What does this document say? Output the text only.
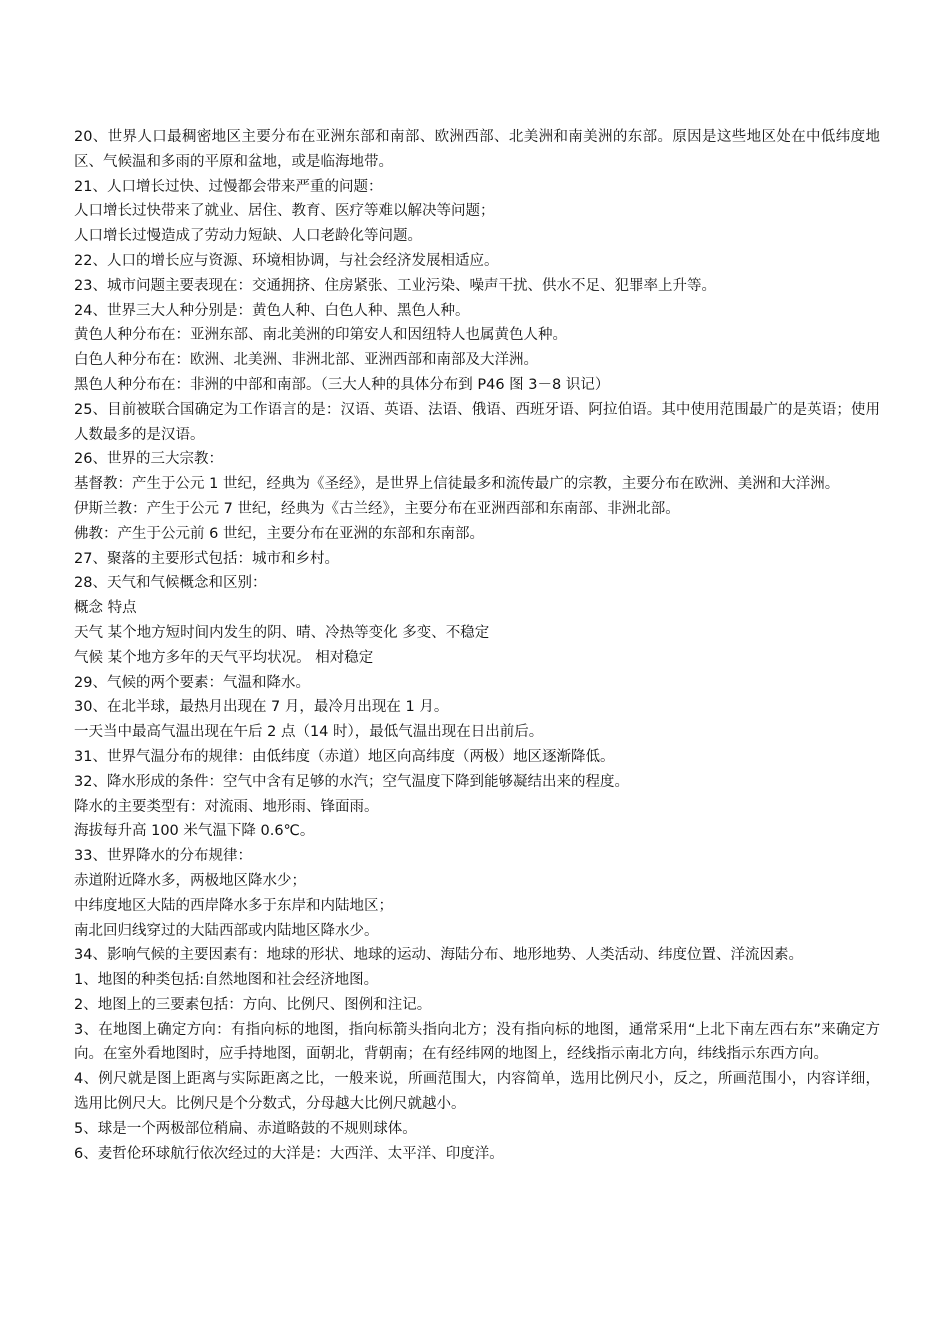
20、世界人口最稠密地区主要分布在亚洲东部和南部、欧洲西部、北美洲和南美洲的东部。原因是这些地区处在中低纬度地区、气候温和多雨的平原和盆地，或是临海地带。

21、人口增长过快、过慢都会带来严重的问题：

人口增长过快带来了就业、居住、教育、医疗等难以解决等问题；

人口增长过慢造成了劳动力短缺、人口老龄化等问题。

22、人口的增长应与资源、环境相协调，与社会经济发展相适应。

23、城市问题主要表现在：交通拥挤、住房紧张、工业污染、噪声干扰、供水不足、犯罪率上升等。

24、世界三大人种分别是：黄色人种、白色人种、黑色人种。

黄色人种分布在：亚洲东部、南北美洲的印第安人和因纽特人也属黄色人种。

白色人种分布在：欧洲、北美洲、非洲北部、亚洲西部和南部及大洋洲。

黑色人种分布在：非洲的中部和南部。（三大人种的具体分布到 P46 图 3－8 识记）

25、目前被联合国确定为工作语言的是：汉语、英语、法语、俄语、西班牙语、阿拉伯语。其中使用范围最广的是英语；使用人数最多的是汉语。

26、世界的三大宗教：

基督教：产生于公元 1 世纪，经典为《圣经》，是世界上信徒最多和流传最广的宗教，主要分布在欧洲、美洲和大洋洲。

伊斯兰教：产生于公元 7 世纪，经典为《古兰经》，主要分布在亚洲西部和东南部、非洲北部。

佛教：产生于公元前 6 世纪，主要分布在亚洲的东部和东南部。

27、聚落的主要形式包括：城市和乡村。

28、天气和气候概念和区别：

概念 特点

天气 某个地方短时间内发生的阴、晴、冷热等变化 多变、不稳定

气候 某个地方多年的天气平均状况。 相对稳定

29、气候的两个要素：气温和降水。

30、在北半球，最热月出现在 7 月，最冷月出现在 1 月。

一天当中最高气温出现在午后 2 点（14 时），最低气温出现在日出前后。

31、世界气温分布的规律：由低纬度（赤道）地区向高纬度（两极）地区逐渐降低。

32、降水形成的条件：空气中含有足够的水汽；空气温度下降到能够凝结出来的程度。

降水的主要类型有：对流雨、地形雨、锋面雨。

海拔每升高 100 米气温下降 0.6℃。

33、世界降水的分布规律：

赤道附近降水多，两极地区降水少；

中纬度地区大陆的西岸降水多于东岸和内陆地区；

南北回归线穿过的大陆西部或内陆地区降水少。

34、影响气候的主要因素有：地球的形状、地球的运动、海陆分布、地形地势、人类活动、纬度位置、洋流因素。

1、地图的种类包括:自然地图和社会经济地图。

2、地图上的三要素包括：方向、比例尺、图例和注记。

3、在地图上确定方向：有指向标的地图，指向标箭头指向北方；没有指向标的地图，通常采用“上北下南左西右东”来确定方向。在室外看地图时，应手持地图，面朝北，背朝南；在有经纬网的地图上，经线指示南北方向，纬线指示东西方向。

4、例尺就是图上距离与实际距离之比，一般来说，所画范围大，内容简单，选用比例尺小，反之，所画范围小，内容详细，选用比例尺大。比例尺是个分数式，分母越大比例尺就越小。

5、球是一个两极部位稍扁、赤道略鼓的不规则球体。

6、麦哲伦环球航行依次经过的大洋是：大西洋、太平洋、印度洋。
